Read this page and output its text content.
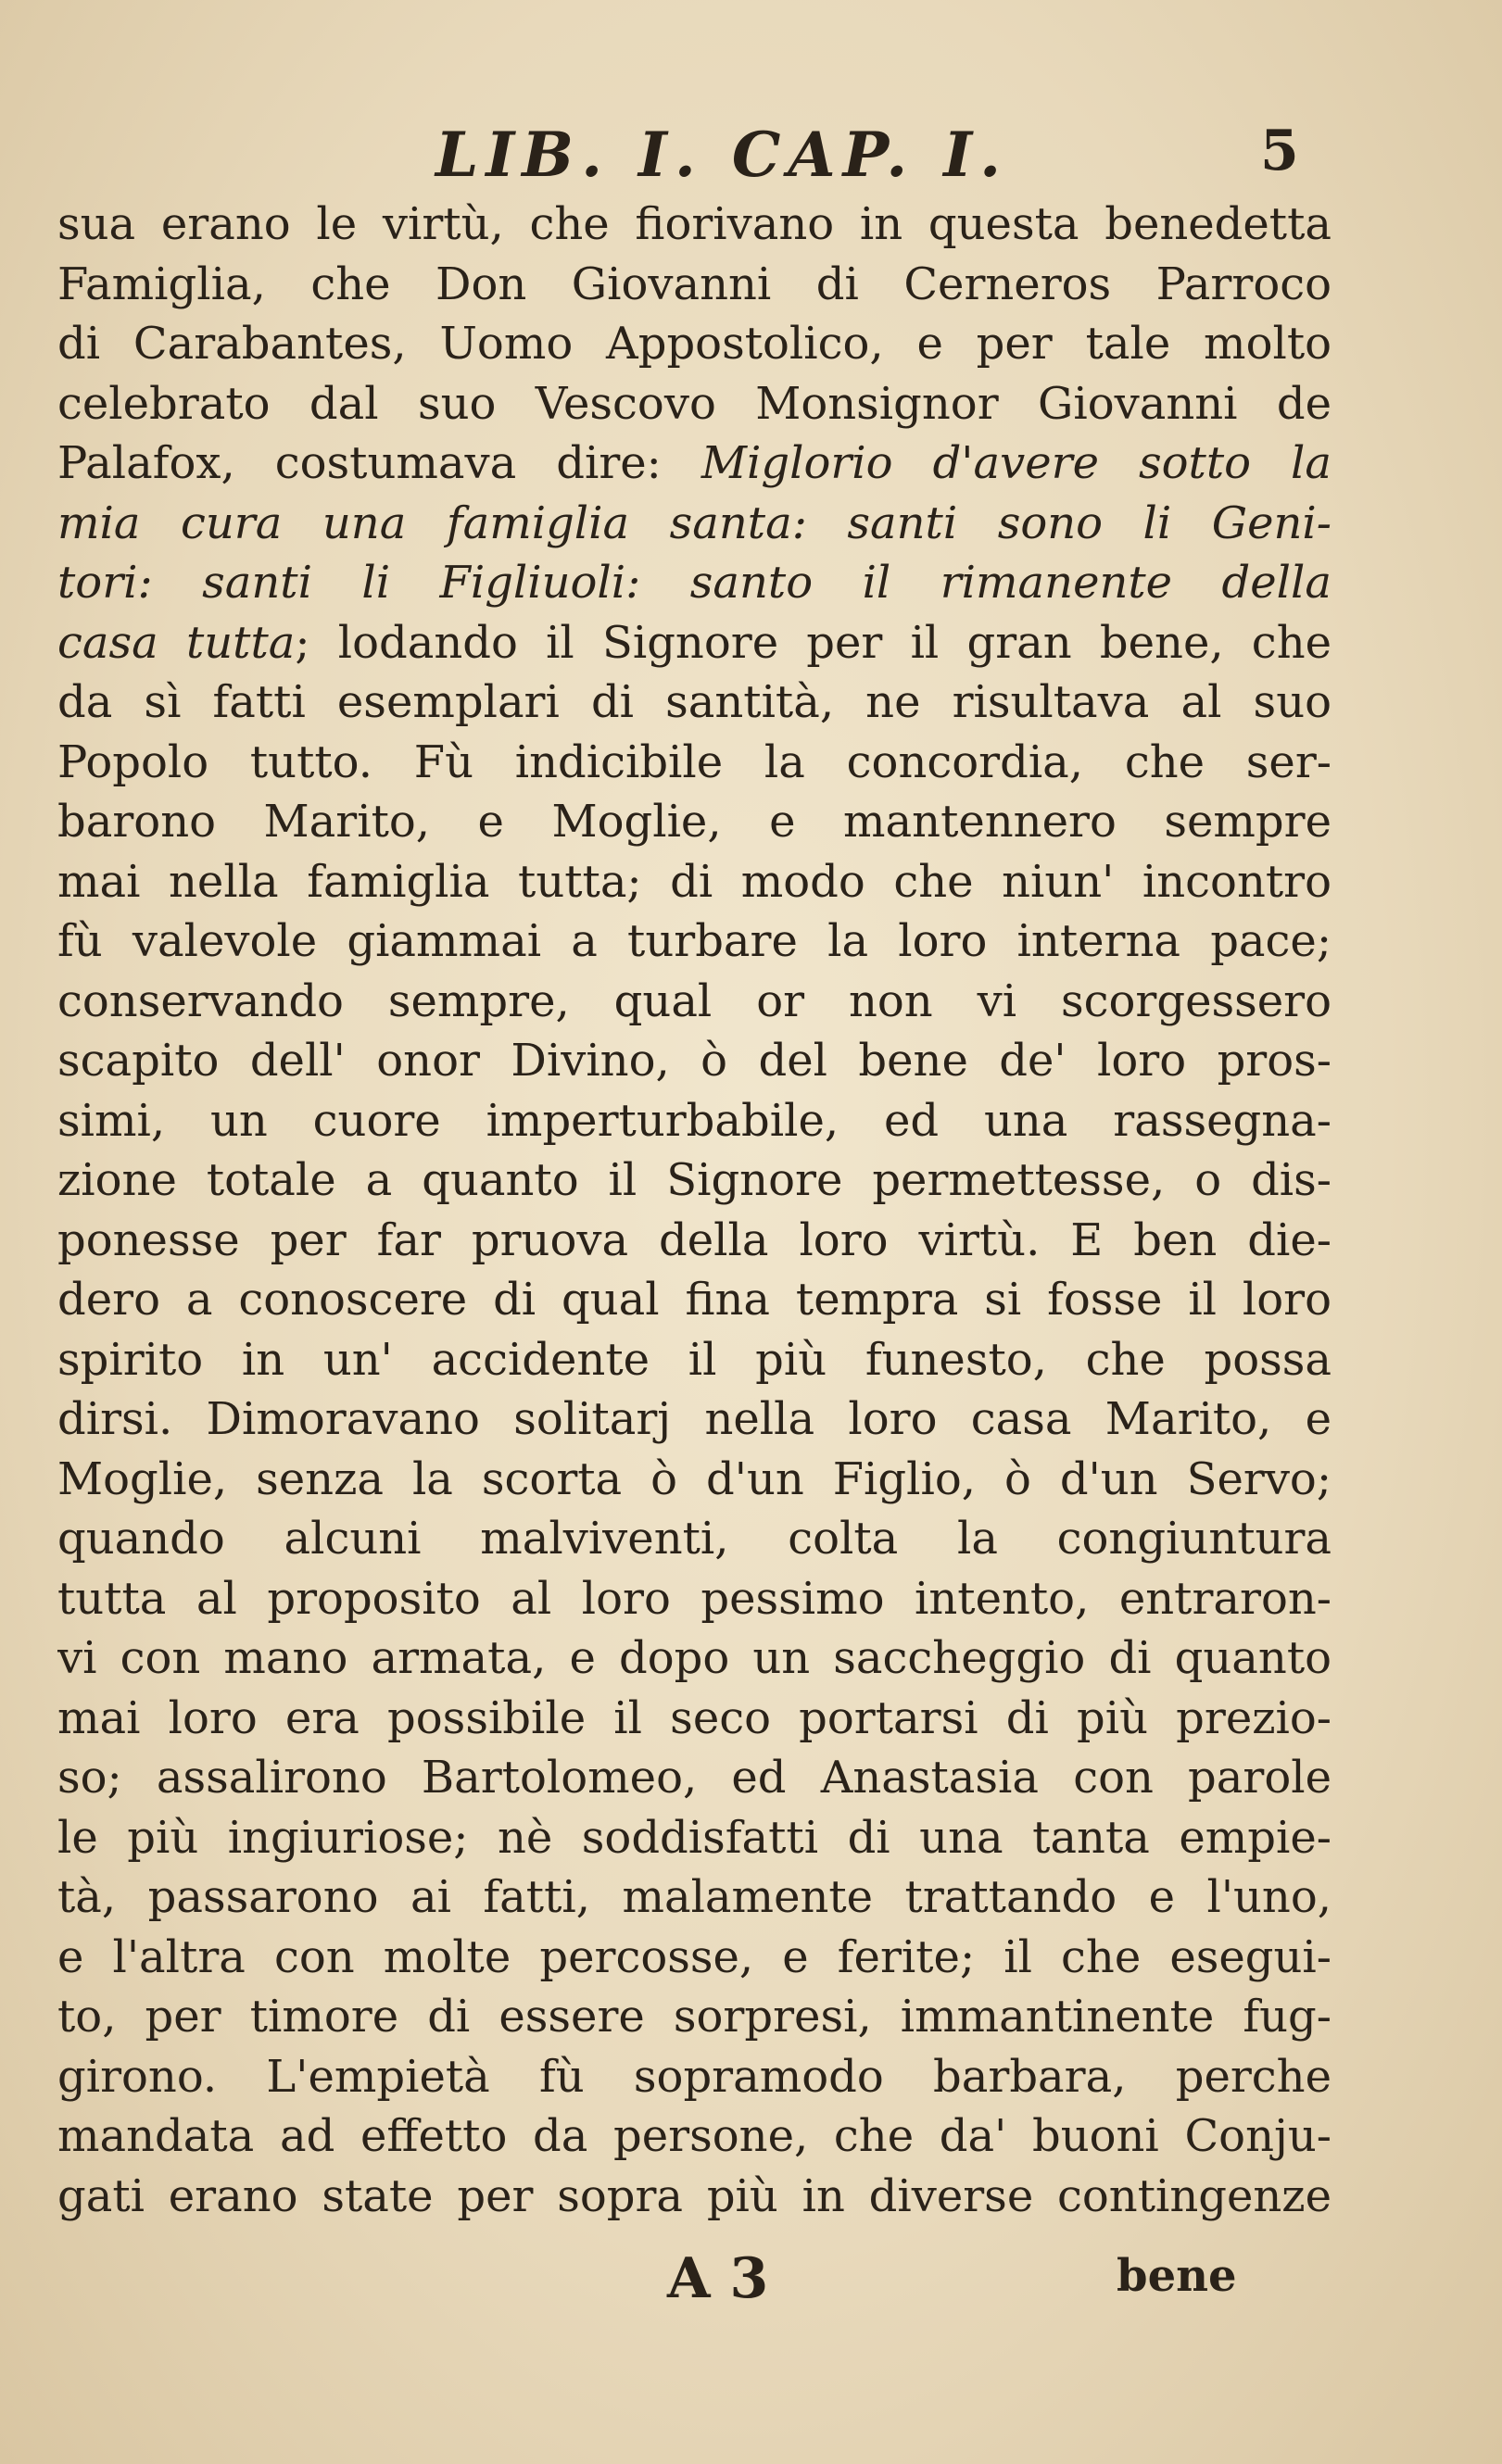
LIB. I. CAP. I.	5
sua erano le virtù, che fiorivano in questa benedetta
Famiglia, che Don Giovanni di Cerneros Parroco
di Carabantes, Uomo Appostolico, e per tale molto
celebrato dal suo Vescovo Monsignor Giovanni de
Palafox, costumava dire: Miglorio d'avere sotto la
mia cura una famiglia santa: santi sono li Geni-
tori: santi li Figliuoli: santo il rimanente della
casa tutta; lodando il Signore per il gran bene, che
da sì fatti esemplari di santità, ne risultava al suo
Popolo tutto. Fù indicibile la concordia, che ser-
barono Marito, e Moglie, e mantennero sempre
mai nella famiglia tutta; di modo che niun' incontro
fù valevole giammai a turbare la loro interna pace;
conservando sempre, qual or non vi scorgessero
scapito dell' onor Divino, ò del bene de' loro pros-
simi, un cuore imperturbabile, ed una rassegna-
zione totale a quanto il Signore permettesse, o dis-
ponesse per far pruova della loro virtù. E ben die-
dero a conoscere di qual fina tempra si fosse il loro
spirito in un' accidente il più funesto, che possa
dirsi. Dimoravano solitarj nella loro casa Marito, e
Moglie, senza la scorta ò d'un Figlio, ò d'un Servo;
quando alcuni malviventi, colta la congiuntura
tutta al proposito al loro pessimo intento, entraron-
vi con mano armata, e dopo un saccheggio di quanto
mai loro era possibile il seco portarsi di più prezio-
so; assalirono Bartolomeo, ed Anastasia con parole
le più ingiuriose; nè soddisfatti di una tanta empie-
tà, passarono ai fatti, malamente trattando e l'uno,
e l'altra con molte percosse, e ferite; il che esegui-
to, per timore di essere sorpresi, immantinente fug-
girono. L'empietà fù sopramodo barbara, perche
mandata ad effetto da persone, che da' buoni Conju-
gati erano state per sopra più in diverse contingenze
A 3	bene
